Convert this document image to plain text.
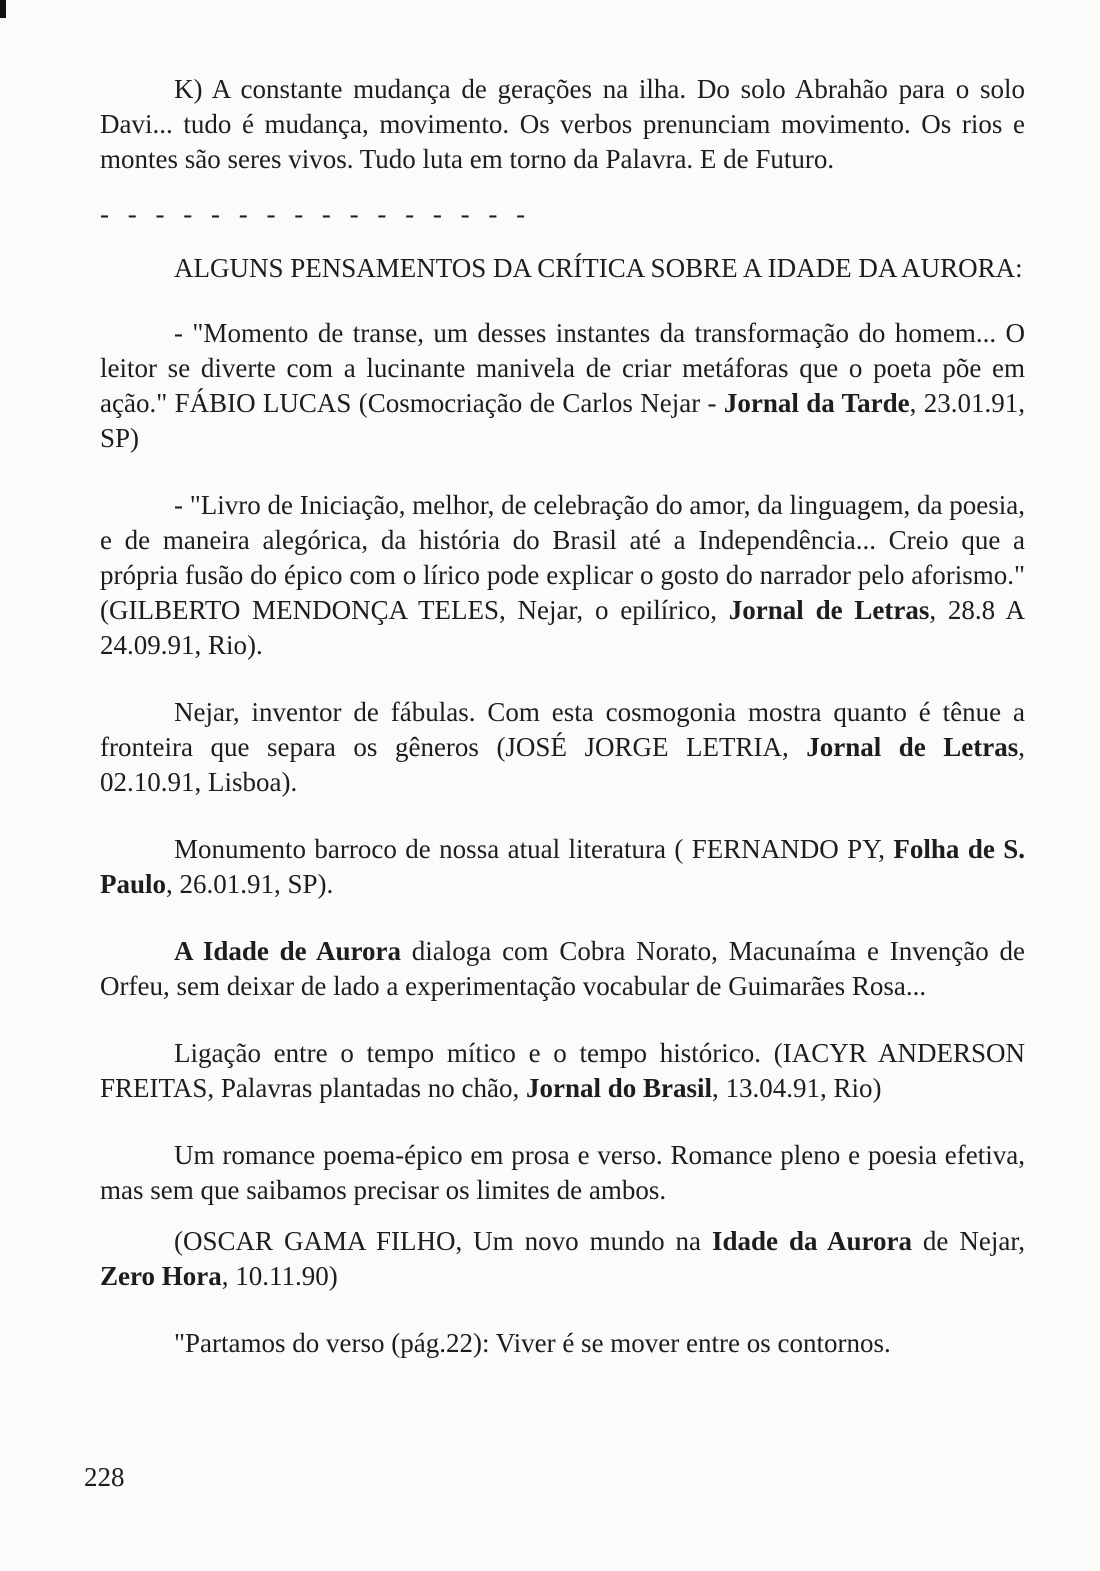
K) A constante mudança de gerações na ilha. Do solo Abrahão para o solo Davi... tudo é mudança, movimento. Os verbos prenunciam movimento. Os rios e montes são seres vivos. Tudo luta em torno da Palavra. E de Futuro.

- - - - - - - - - - - - - - - -

ALGUNS PENSAMENTOS DA CRÍTICA SOBRE A IDADE DA AURORA:

- "Momento de transe, um desses instantes da transformação do homem... O leitor se diverte com a lucinante manivela de criar metáforas que o poeta põe em ação." FÁBIO LUCAS (Cosmocriação de Carlos Nejar - Jornal da Tarde, 23.01.91, SP)

- "Livro de Iniciação, melhor, de celebração do amor, da linguagem, da poesia, e de maneira alegórica, da história do Brasil até a Independência... Creio que a própria fusão do épico com o lírico pode explicar o gosto do narrador pelo aforismo." (GILBERTO MENDONÇA TELES, Nejar, o epilírico, Jornal de Letras, 28.8 A 24.09.91, Rio).

Nejar, inventor de fábulas. Com esta cosmogonia mostra quanto é tênue a fronteira que separa os gêneros (JOSÉ JORGE LETRIA, Jornal de Letras, 02.10.91, Lisboa).

Monumento barroco de nossa atual literatura ( FERNANDO PY, Folha de S. Paulo, 26.01.91, SP).

A Idade de Aurora dialoga com Cobra Norato, Macunaíma e Invenção de Orfeu, sem deixar de lado a experimentação vocabular de Guimarães Rosa...

Ligação entre o tempo mítico e o tempo histórico. (IACYR ANDERSON FREITAS, Palavras plantadas no chão, Jornal do Brasil, 13.04.91, Rio)

Um romance poema-épico em prosa e verso. Romance pleno e poesia efetiva, mas sem que saibamos precisar os limites de ambos.

(OSCAR GAMA FILHO, Um novo mundo na Idade da Aurora de Nejar, Zero Hora, 10.11.90)

"Partamos do verso (pág.22): Viver é se mover entre os contornos.

228
